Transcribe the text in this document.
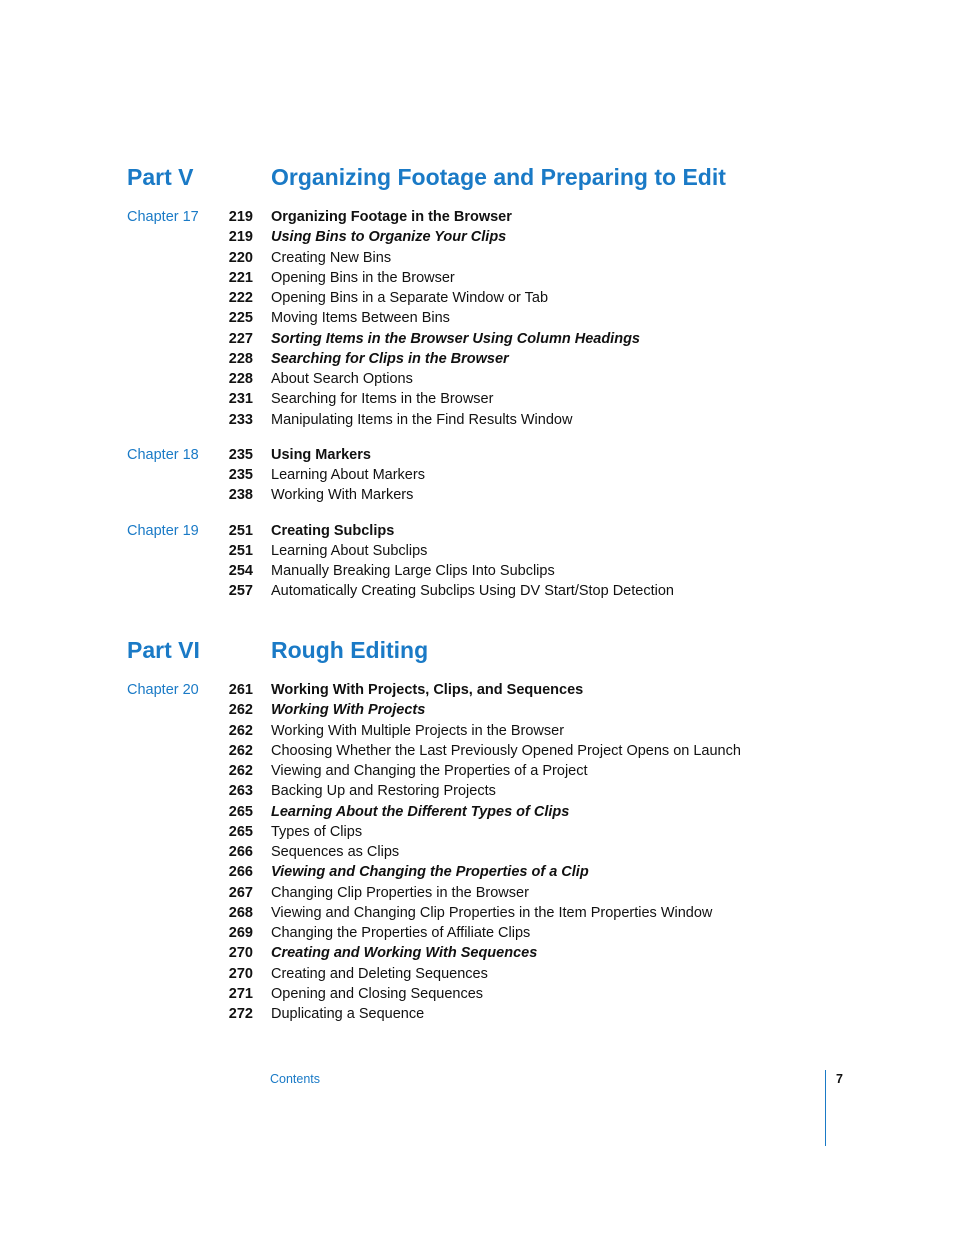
Part V	Organizing Footage and Preparing to Edit
Chapter 17	219 Organizing Footage in the Browser
219 Using Bins to Organize Your Clips
220 Creating New Bins
221 Opening Bins in the Browser
222 Opening Bins in a Separate Window or Tab
225 Moving Items Between Bins
227 Sorting Items in the Browser Using Column Headings
228 Searching for Clips in the Browser
228 About Search Options
231 Searching for Items in the Browser
233 Manipulating Items in the Find Results Window
Chapter 18	235 Using Markers
235 Learning About Markers
238 Working With Markers
Chapter 19	251 Creating Subclips
251 Learning About Subclips
254 Manually Breaking Large Clips Into Subclips
257 Automatically Creating Subclips Using DV Start/Stop Detection
Part VI	Rough Editing
Chapter 20	261 Working With Projects, Clips, and Sequences
262 Working With Projects
262 Working With Multiple Projects in the Browser
262 Choosing Whether the Last Previously Opened Project Opens on Launch
262 Viewing and Changing the Properties of a Project
263 Backing Up and Restoring Projects
265 Learning About the Different Types of Clips
265 Types of Clips
266 Sequences as Clips
266 Viewing and Changing the Properties of a Clip
267 Changing Clip Properties in the Browser
268 Viewing and Changing Clip Properties in the Item Properties Window
269 Changing the Properties of Affiliate Clips
270 Creating and Working With Sequences
270 Creating and Deleting Sequences
271 Opening and Closing Sequences
272 Duplicating a Sequence
Contents	7
